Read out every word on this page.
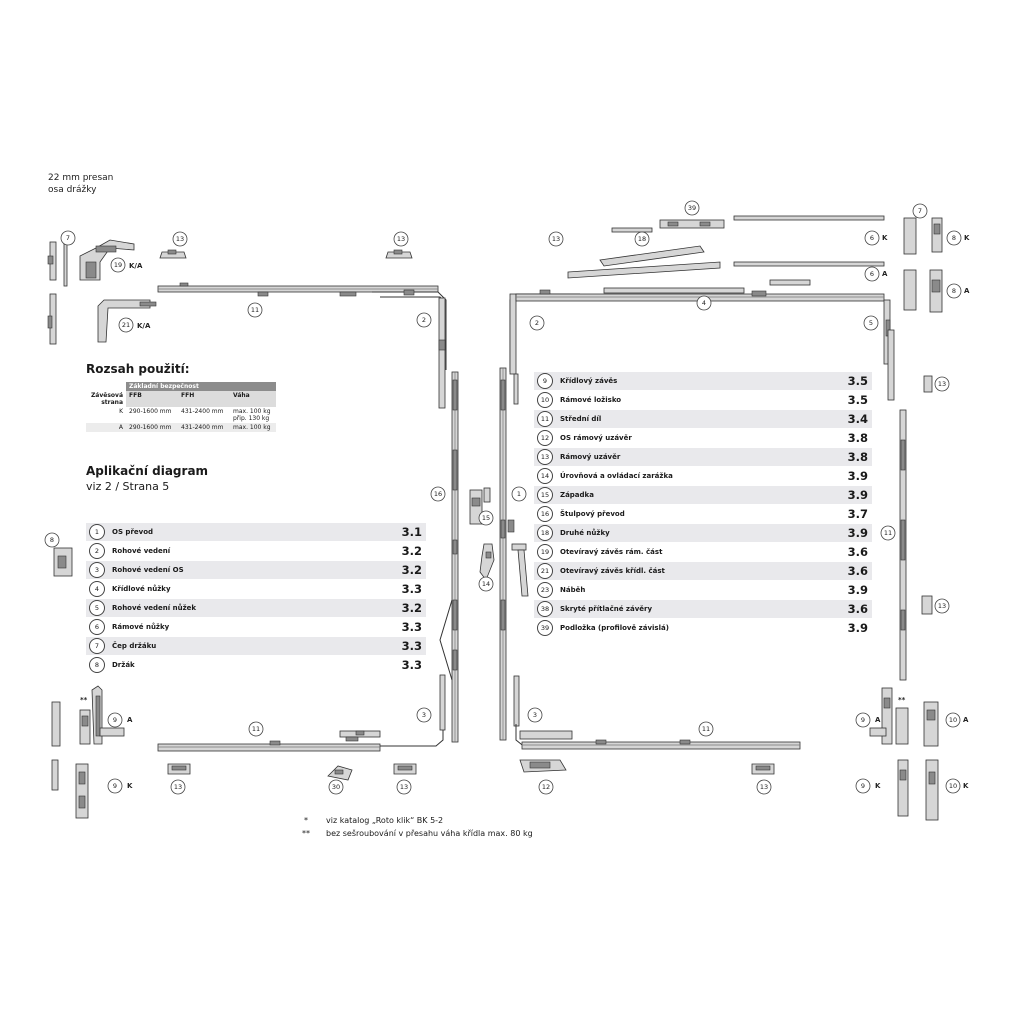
22 mm presan
osa drážky
Rozsah použití:
	Základní bezpečnost		
Závěsová strana	FFB	FFH	Váha
K	290-1600 mm	431-2400 mm	max. 100 kg
přip. 130 kg
A	290-1600 mm	431-2400 mm	max. 100 kg
Aplikační diagram
viz 2 / Strana 5
1	OS převod	3.1
2	Rohové vedení	3.2
3	Rohové vedení OS	3.2
4	Křídlové nůžky	3.3
5	Rohové vedení nůžek	3.2
6	Rámové nůžky	3.3
7	Čep držáku	3.3
8	Držák	3.3
9	Křídlový závěs	3.5
10	Rámové ložisko	3.5
11	Střední díl	3.4
12	OS rámový uzávěr	3.8
13	Rámový uzávěr	3.8
14	Úrovňová a ovládací zarážka	3.9
15	Západka	3.9
16	Štulpový převod	3.7
18	Druhé nůžky	3.9
19	Otevíravý závěs rám. část	3.6
21	Otevíravý závěs křídl. část	3.6
23	Náběh	3.9
38	Skryté přítlačné závěry	3.6
39	Podložka (profilově závislá)	3.9
* viz katalog „Roto klik“ BK 5-2
** bez sešroubování v přesahu váha křídla max. 80 kg
7	13	13
19 K/A
11
2
21 K/A
16
15
14
1
3
11
13	30	13
9 A
9 K
**
39
18
13
4
2
7
6 K	8 K
6 A
8 A
5
13
11
13
3
11
12	13
9 A	10 A
**
9 K	10 K
8
